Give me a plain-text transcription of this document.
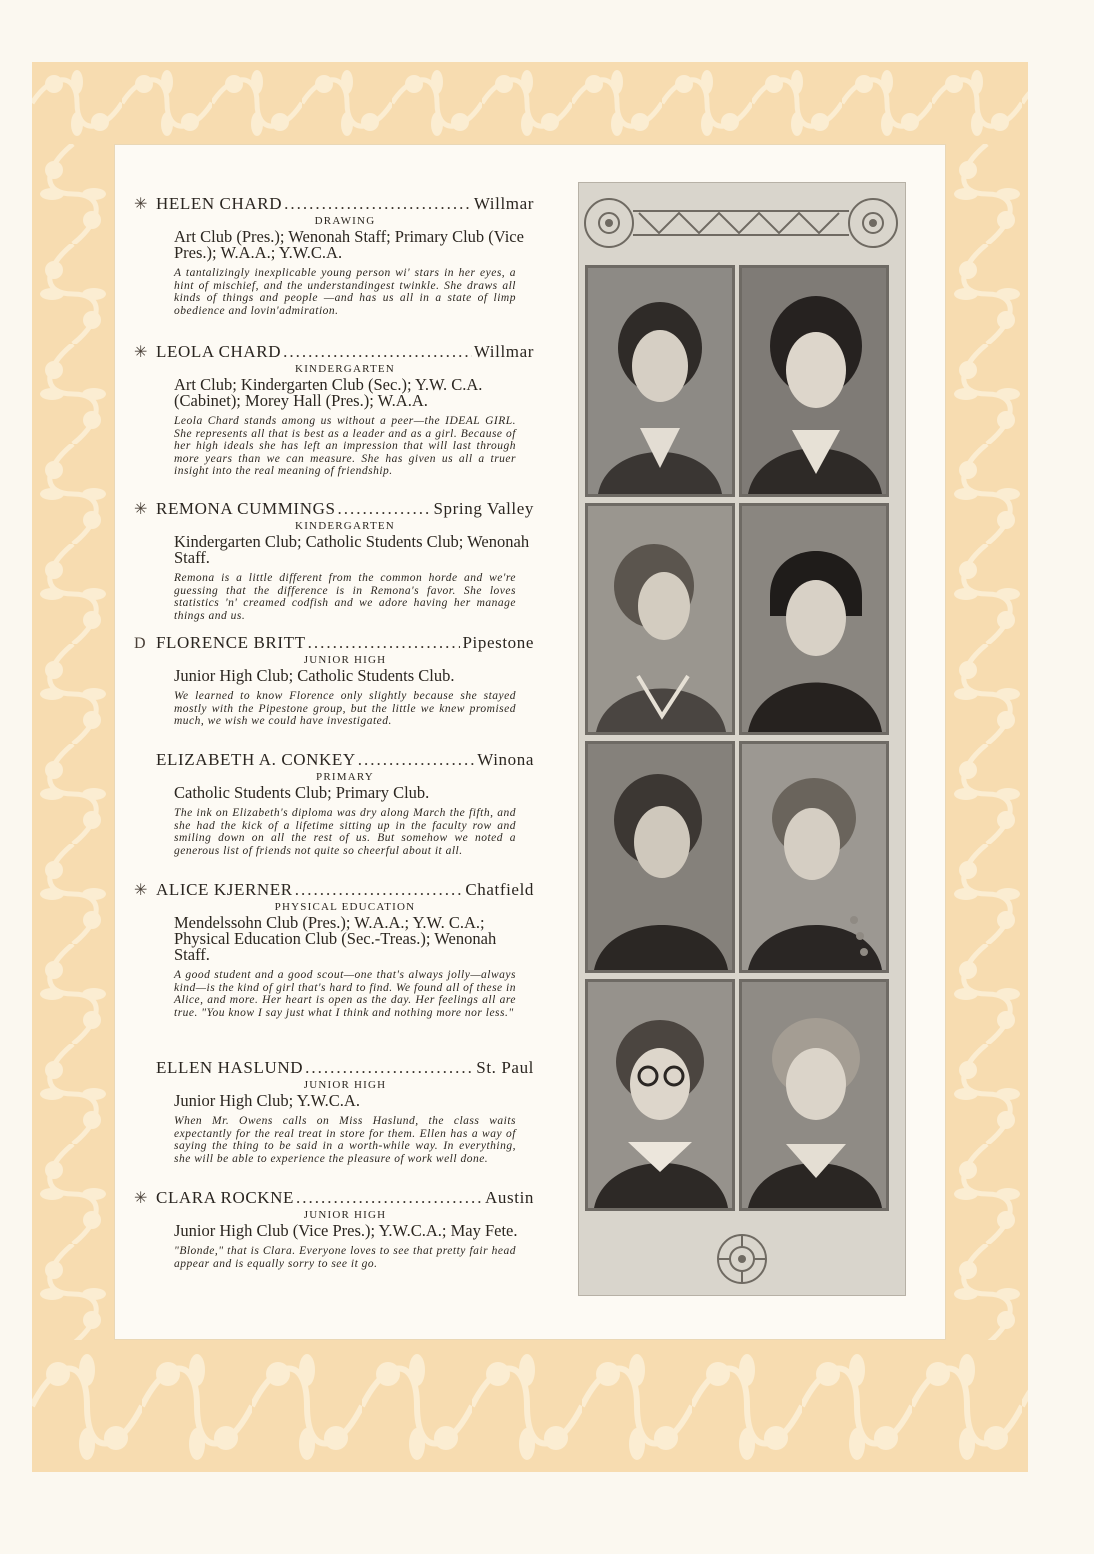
✳ HELEN CHARD .....	Willmar
DRAWING
Art Club (Pres.); Wenonah Staff; Primary Club (Vice Pres.); W.A.A.; Y.W.C.A.
A tantalizingly inexplicable young person wi' stars in her eyes, a hint of mischief, and the understandingest twinkle. She draws all kinds of things and people —and has us all in a state of limp obedience and lovin'admiration.
✳ LEOLA CHARD .....	Willmar
KINDERGARTEN
Art Club; Kindergarten Club (Sec.); Y.W. C.A. (Cabinet); Morey Hall (Pres.); W.A.A.
Leola Chard stands among us without a peer—the IDEAL GIRL. She represents all that is best as a leader and as a girl. Because of her high ideals she has left an impression that will last through more years than we can measure. She has given us all a truer insight into the real meaning of friendship.
✳ REMONA CUMMINGS .....	Spring Valley
KINDERGARTEN
Kindergarten Club; Catholic Students Club; Wenonah Staff.
Remona is a little different from the common horde and we're guessing that the difference is in Remona's favor. She loves statistics 'n' creamed codfish and we adore having her manage things and us.
D FLORENCE BRITT .....	Pipestone
JUNIOR HIGH
Junior High Club; Catholic Students Club.
We learned to know Florence only slightly because she stayed mostly with the Pipestone group, but the little we knew promised much, we wish we could have investigated.
ELIZABETH A. CONKEY .....	Winona
PRIMARY
Catholic Students Club; Primary Club.
The ink on Elizabeth's diploma was dry along March the fifth, and she had the kick of a lifetime sitting up in the faculty row and smiling down on all the rest of us. But somehow we noted a generous list of friends not quite so cheerful about it all.
✳ ALICE KJERNER .....	Chatfield
PHYSICAL EDUCATION
Mendelssohn Club (Pres.); W.A.A.; Y.W. C.A.; Physical Education Club (Sec.-Treas.); Wenonah Staff.
A good student and a good scout—one that's always jolly—always kind—is the kind of girl that's hard to find. We found all of these in Alice, and more. Her heart is open as the day. Her feelings all are true. "You know I say just what I think and nothing more nor less."
ELLEN HASLUND .....	St. Paul
JUNIOR HIGH
Junior High Club; Y.W.C.A.
When Mr. Owens calls on Miss Haslund, the class waits expectantly for the real treat in store for them. Ellen has a way of saying the thing to be said in a worth-while way. In everything, she will be able to experience the pleasure of work well done.
✳ CLARA ROCKNE .....	Austin
JUNIOR HIGH
Junior High Club (Vice Pres.); Y.W.C.A.; May Fete.
"Blonde," that is Clara. Everyone loves to see that pretty fair head appear and is equally sorry to see it go.
